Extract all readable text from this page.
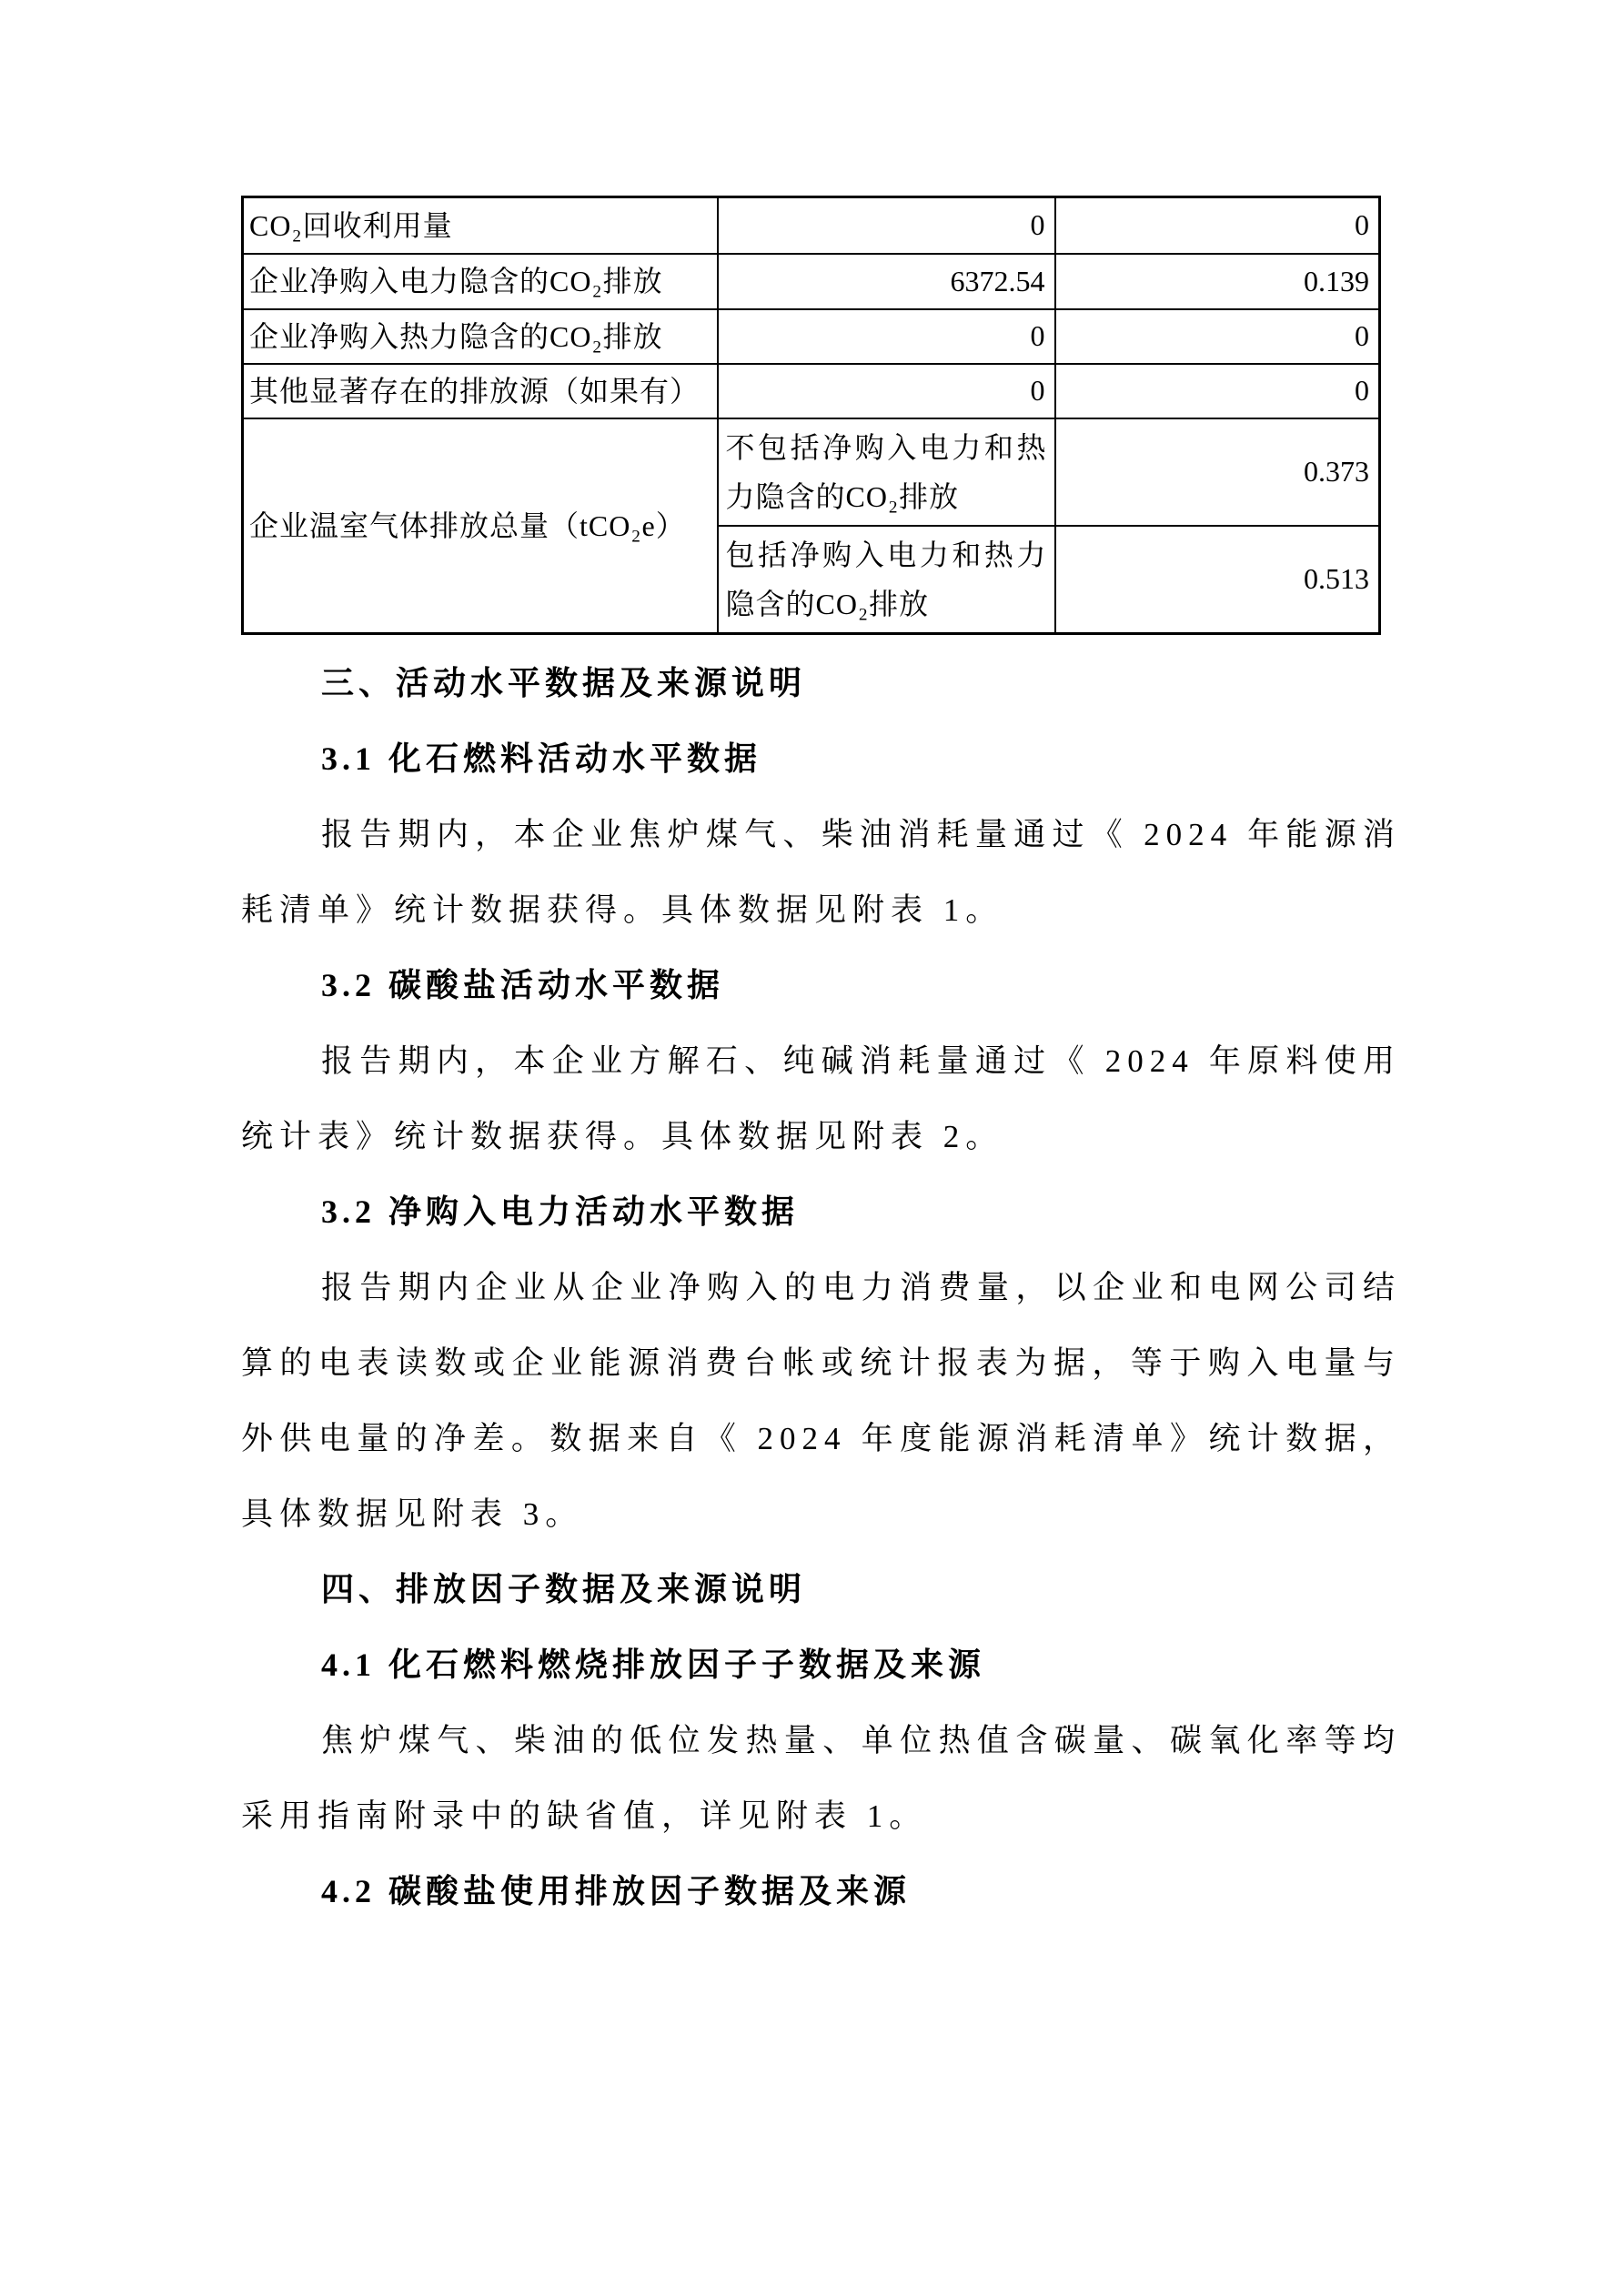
CO₂回收利用量	0	0
企业净购入电力隐含的CO₂排放	6372.54	0.139
企业净购入热力隐含的CO₂排放	0	0
其他显著存在的排放源（如果有）	0	0
企业温室气体排放总量（tCO₂e）	不包括净购入电力和热力隐含的CO₂排放	0.373
	包括净购入电力和热力隐含的CO₂排放	0.513
三、活动水平数据及来源说明
3.1 化石燃料活动水平数据

报告期内，本企业焦炉煤气、柴油消耗量通过《 2024 年能源消耗清单》统计数据获得。具体数据见附表 1。

3.2 碳酸盐活动水平数据

报告期内，本企业方解石、纯碱消耗量通过《 2024 年原料使用统计表》统计数据获得。具体数据见附表 2。

3.2 净购入电力活动水平数据

报告期内企业从企业净购入的电力消费量，以企业和电网公司结算的电表读数或企业能源消费台帐或统计报表为据，等于购入电量与外供电量的净差。数据来自《 2024 年度能源消耗清单》统计数据，具体数据见附表 3。

四、排放因子数据及来源说明
4.1 化石燃料燃烧排放因子子数据及来源

焦炉煤气、柴油的低位发热量、单位热值含碳量、碳氧化率等均采用指南附录中的缺省值，详见附表 1。

4.2 碳酸盐使用排放因子数据及来源
